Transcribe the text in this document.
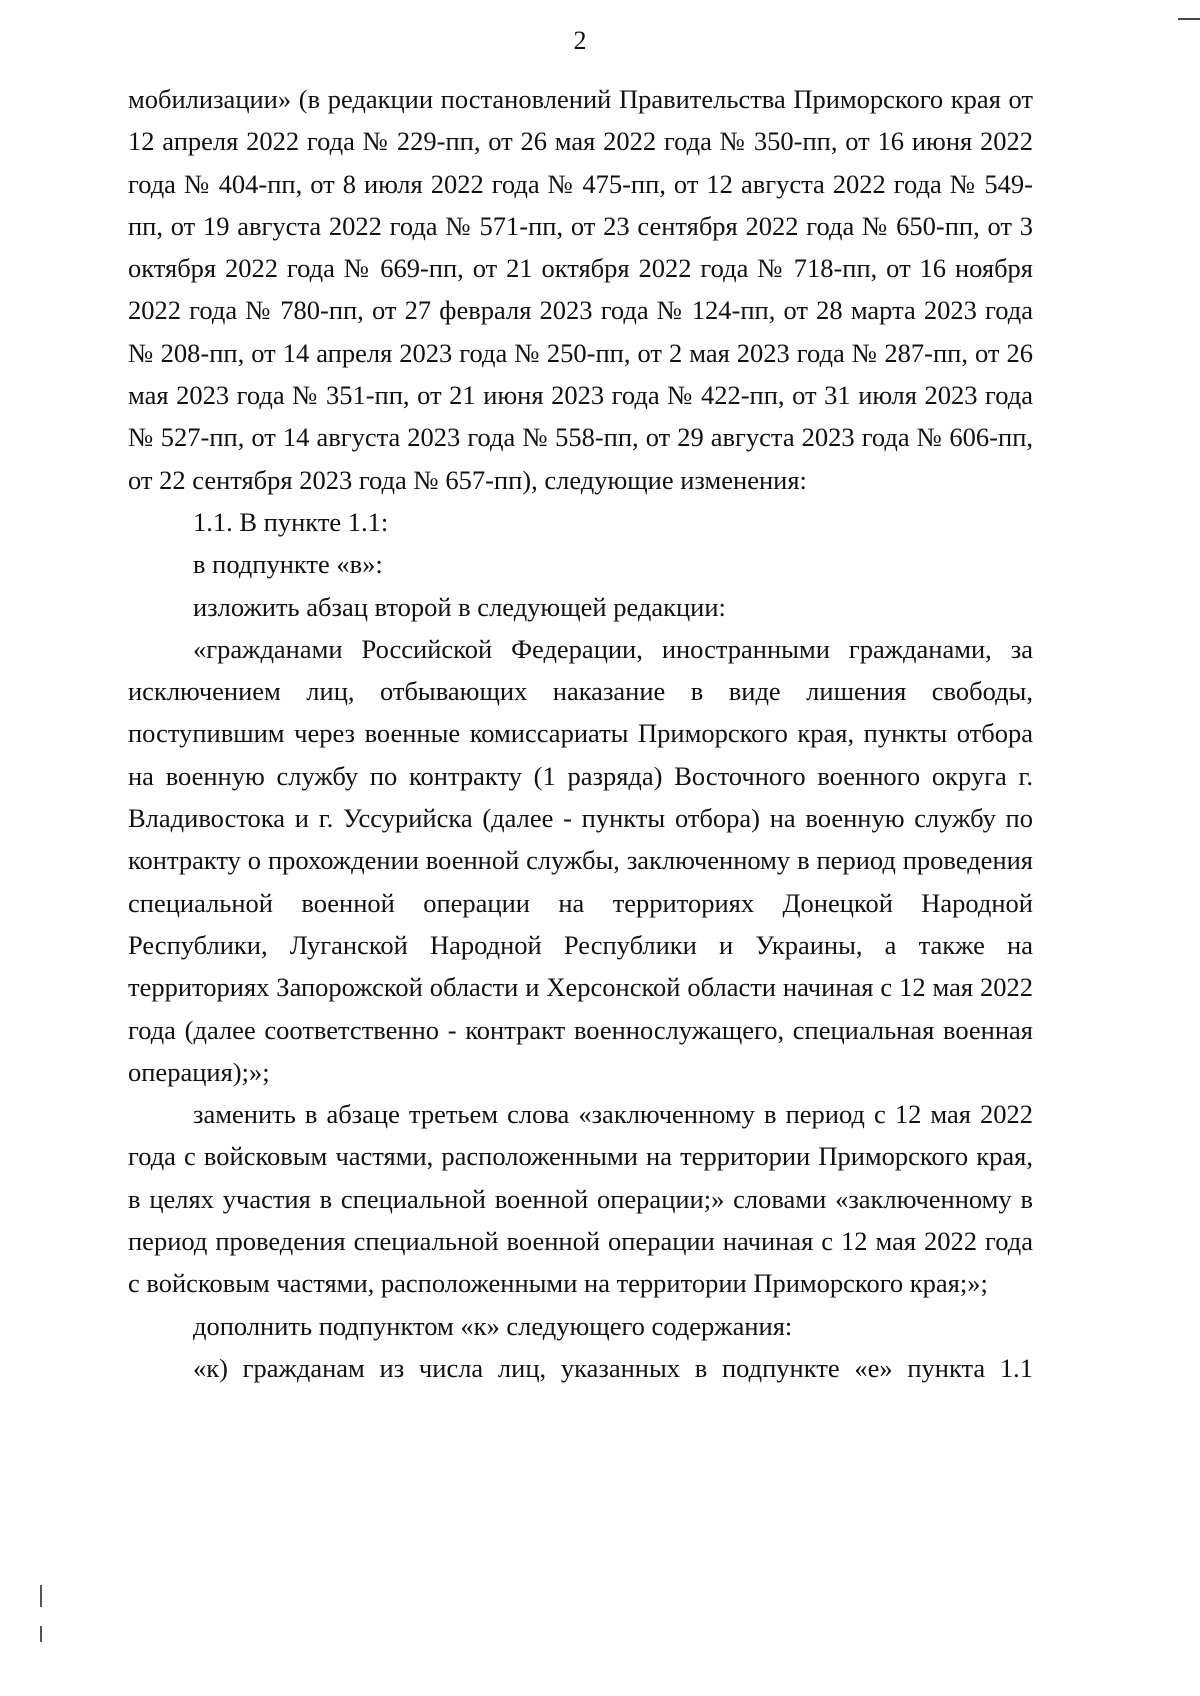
2

мобилизации» (в редакции постановлений Правительства Приморского края от 12 апреля 2022 года № 229-пп, от 26 мая 2022 года № 350-пп, от 16 июня 2022 года № 404-пп, от 8 июля 2022 года № 475-пп, от 12 августа 2022 года № 549-пп, от 19 августа 2022 года № 571-пп, от 23 сентября 2022 года № 650-пп, от 3 октября 2022 года № 669-пп, от 21 октября 2022 года № 718-пп, от 16 ноября 2022 года № 780-пп, от 27 февраля 2023 года № 124-пп, от 28 марта 2023 года № 208-пп, от 14 апреля 2023 года № 250-пп, от 2 мая 2023 года № 287-пп, от 26 мая 2023 года № 351-пп, от 21 июня 2023 года № 422-пп, от 31 июля 2023 года № 527-пп, от 14 августа 2023 года № 558-пп, от 29 августа 2023 года № 606-пп, от 22 сентября 2023 года № 657-пп), следующие изменения:

1.1. В пункте 1.1:

в подпункте «в»:

изложить абзац второй в следующей редакции:

«гражданами Российской Федерации, иностранными гражданами, за исключением лиц, отбывающих наказание в виде лишения свободы, поступившим через военные комиссариаты Приморского края, пункты отбора на военную службу по контракту (1 разряда) Восточного военного округа г. Владивостока и г. Уссурийска (далее - пункты отбора) на военную службу по контракту о прохождении военной службы, заключенному в период проведения специальной военной операции на территориях Донецкой Народной Республики, Луганской Народной Республики и Украины, а также на территориях Запорожской области и Херсонской области начиная с 12 мая 2022 года (далее соответственно - контракт военнослужащего, специальная военная операция);»;

заменить в абзаце третьем слова «заключенному в период с 12 мая 2022 года с войсковым частями, расположенными на территории Приморского края, в целях участия в специальной военной операции;» словами «заключенному в период проведения специальной военной операции начиная с 12 мая 2022 года с войсковым частями, расположенными на территории Приморского края;»;

дополнить подпунктом «к» следующего содержания:

«к) гражданам из числа лиц, указанных в подпункте «е» пункта 1.1
